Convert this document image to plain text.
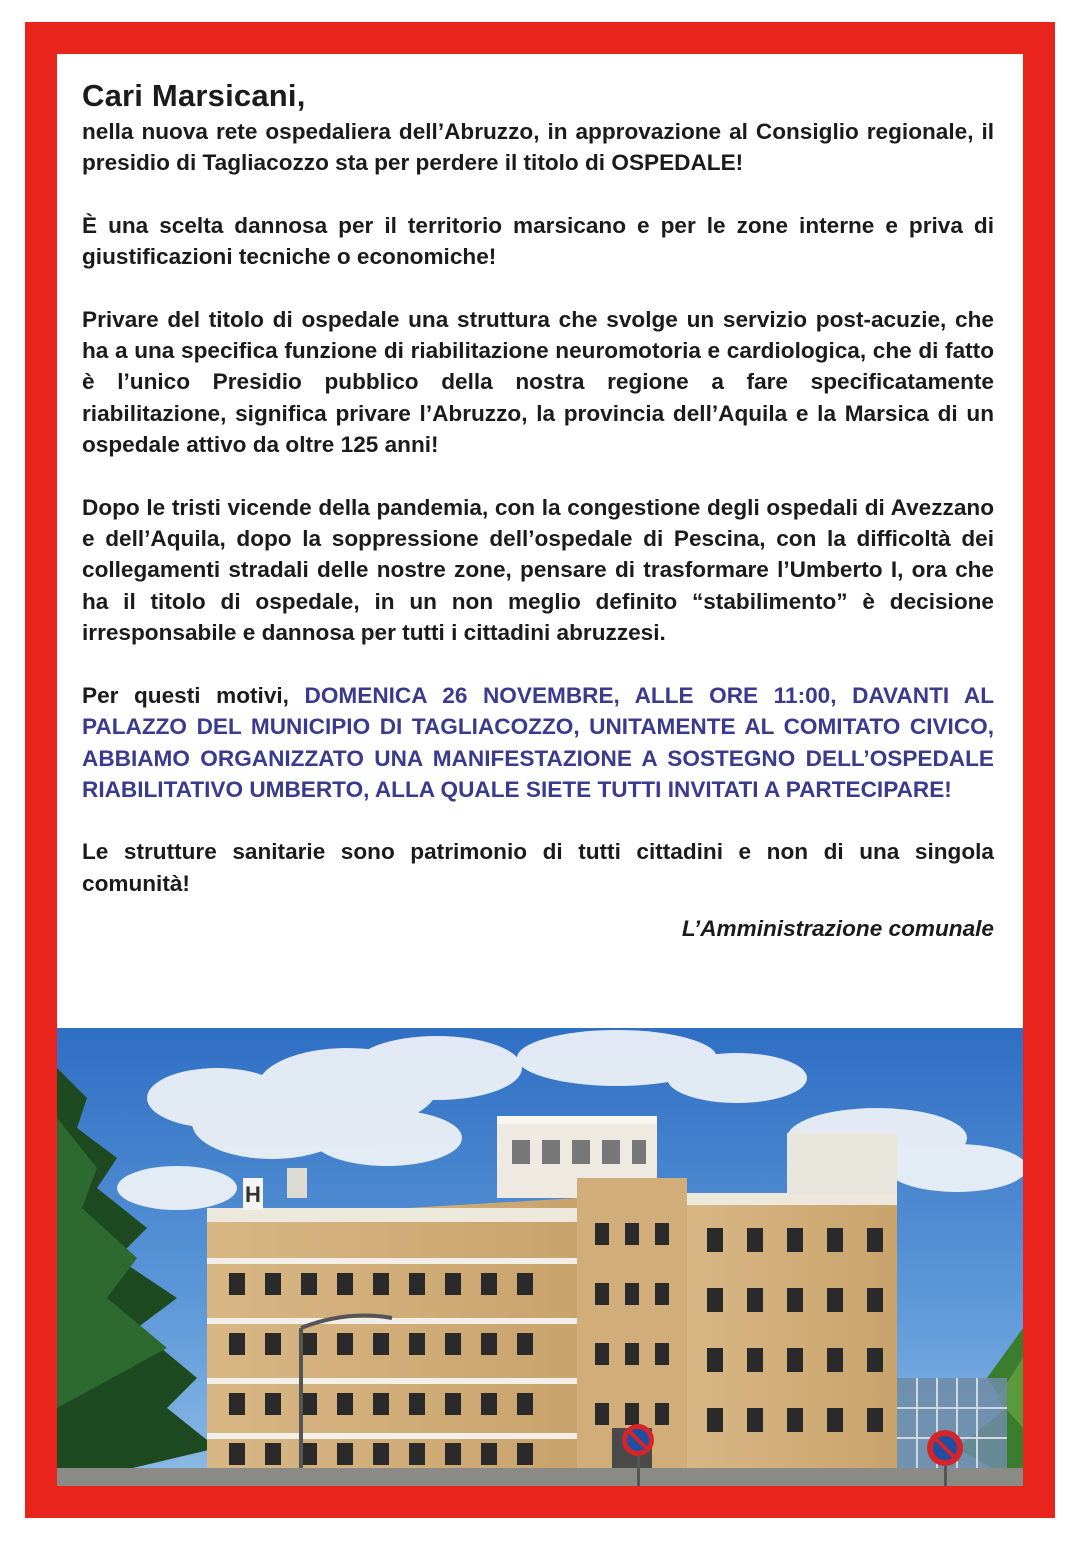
Cari Marsicani,

nella nuova rete ospedaliera dell’Abruzzo, in approvazione al Consiglio regionale, il presidio di Tagliacozzo sta per perdere il titolo di OSPEDALE!

È una scelta dannosa per il territorio marsicano e per le zone interne e priva di giustificazioni tecniche o economiche!

Privare del titolo di ospedale una struttura che svolge un servizio post-acuzie, che ha a una specifica funzione di riabilitazione neuromotoria e cardiologica, che di fatto è l’unico Presidio pubblico della nostra regione a fare specificatamente riabilitazione, significa privare l’Abruzzo, la provincia dell’Aquila e la Marsica di un ospedale attivo da oltre 125 anni!

Dopo le tristi vicende della pandemia, con la congestione degli ospedali di Avezzano e dell’Aquila, dopo la soppressione dell’ospedale di Pescina, con la difficoltà dei collegamenti stradali delle nostre zone, pensare di trasformare l’Umberto I, ora che ha il titolo di ospedale, in un non meglio definito “stabilimento” è decisione irresponsabile e dannosa per tutti i cittadini abruzzesi.

Per questi motivi, DOMENICA 26 NOVEMBRE, ALLE ORE 11:00, DAVANTI AL PALAZZO DEL MUNICIPIO DI TAGLIACOZZO, UNITAMENTE AL COMITATO CIVICO, ABBIAMO ORGANIZZATO UNA MANIFESTAZIONE A SOSTEGNO DELL’OSPEDALE RIABILITATIVO UMBERTO, ALLA QUALE SIETE TUTTI INVITATI A PARTECIPARE!

Le strutture sanitarie sono patrimonio di tutti cittadini e non di una singola comunità!

L’Amministrazione comunale
H
